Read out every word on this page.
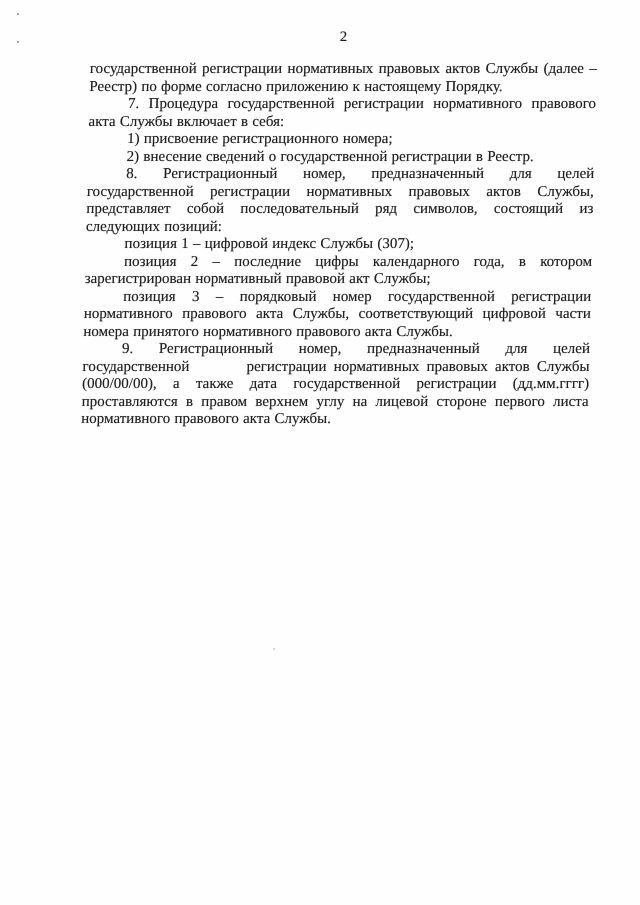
2
государственной регистрации нормативных правовых актов Службы (далее –
Реестр) по форме согласно приложению к настоящему Порядку.
7. Процедура государственной регистрации нормативного правового
акта Службы включает в себя:
1) присвоение регистрационного номера;
2) внесение сведений о государственной регистрации в Реестр.
8. Регистрационный номер, предназначенный для целей
государственной регистрации нормативных правовых актов Службы,
представляет собой последовательный ряд символов, состоящий из
следующих позиций:
позиция 1 – цифровой индекс Службы (307);
позиция 2 – последние цифры календарного года, в котором
зарегистрирован нормативный правовой акт Службы;
позиция 3 – порядковый номер государственной регистрации
нормативного правового акта Службы, соответствующий цифровой части
номера принятого нормативного правового акта Службы.
9. Регистрационный номер, предназначенный для целей
государственной        регистрации нормативных правовых актов Службы
(000/00/00), а также дата государственной регистрации (дд.мм.гггг)
проставляются в правом верхнем углу на лицевой стороне первого листа
нормативного правового акта Службы.
